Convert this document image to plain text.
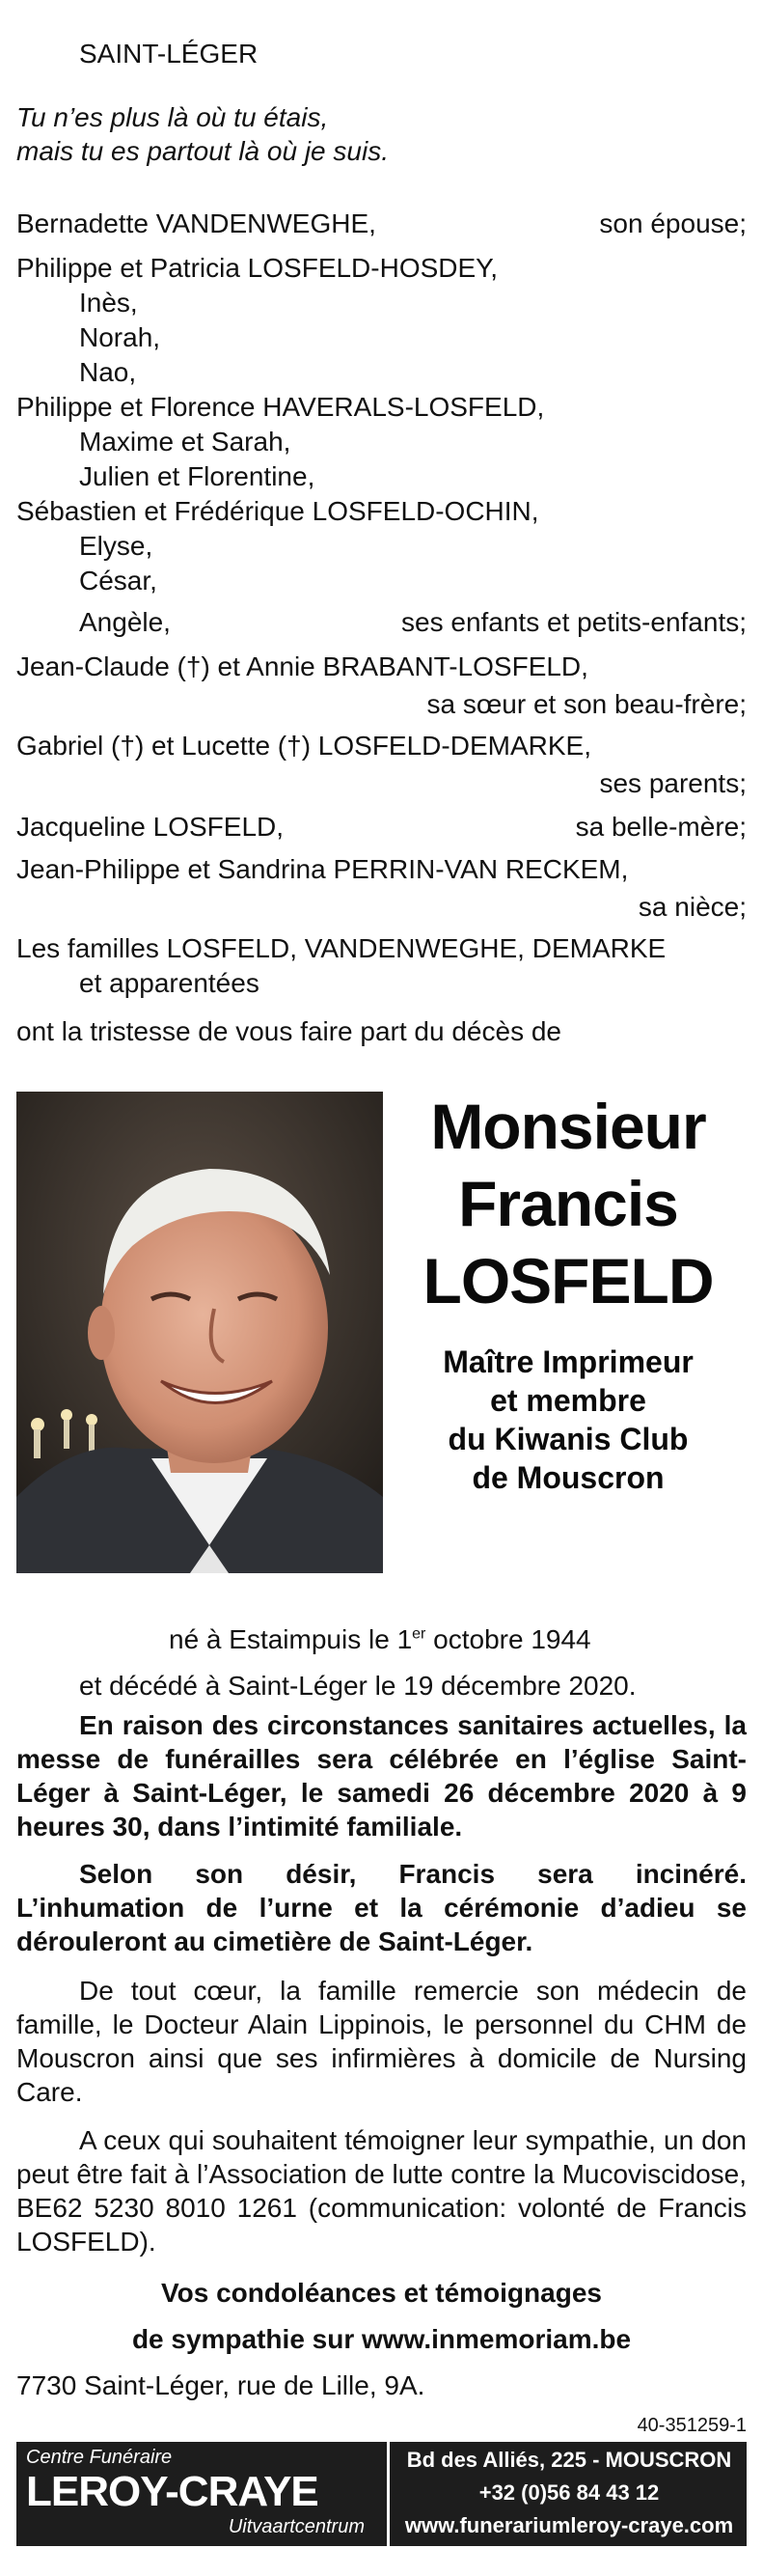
SAINT-LÉGER
Tu n’es plus là où tu étais,
mais tu es partout là où je suis.
Bernadette VANDENWEGHE,	son épouse;
Philippe et Patricia LOSFELD-HOSDEY,
Inès,
Norah,
Nao,
Philippe et Florence HAVERALS-LOSFELD,
Maxime et Sarah,
Julien et Florentine,
Sébastien et Frédérique LOSFELD-OCHIN,
Elyse,
César,
Angèle,	ses enfants et petits-enfants;
Jean-Claude (†) et Annie BRABANT-LOSFELD,
sa sœur et son beau-frère;
Gabriel (†) et Lucette (†) LOSFELD-DEMARKE,
ses parents;
Jacqueline LOSFELD,	sa belle-mère;
Jean-Philippe et Sandrina PERRIN-VAN RECKEM,
sa nièce;
Les familles LOSFELD, VANDENWEGHE, DEMARKE
et apparentées
ont la tristesse de vous faire part du décès de
Monsieur
Francis
LOSFELD
Maître Imprimeur
et membre
du Kiwanis Club
de Mouscron
né à Estaimpuis le 1er octobre 1944
et décédé à Saint-Léger le 19 décembre 2020.
En raison des circonstances sanitaires actuelles, la messe de funérailles sera célébrée en l’église Saint-Léger à Saint-Léger, le samedi 26 décembre 2020 à 9 heures 30, dans l’intimité familiale.
Selon son désir, Francis sera incinéré. L’inhumation de l’urne et la cérémonie d’adieu se dérouleront au cimetière de Saint-Léger.
De tout cœur, la famille remercie son médecin de famille, le Docteur Alain Lippinois, le personnel du CHM de Mouscron ainsi que ses infirmières à domicile de Nursing Care.
A ceux qui souhaitent témoigner leur sympathie, un don peut être fait à l’Association de lutte contre la Mucoviscidose, BE62 5230 8010 1261 (communication: volonté de Francis LOSFELD).
Vos condoléances et témoignages
de sympathie sur www.inmemoriam.be
7730 Saint-Léger, rue de Lille, 9A.
40-351259-1
Centre Funéraire
LEROY-CRAYE
Uitvaartcentrum
Bd des Alliés, 225 - MOUSCRON
+32 (0)56 84 43 12
www.funerariumleroy-craye.com
